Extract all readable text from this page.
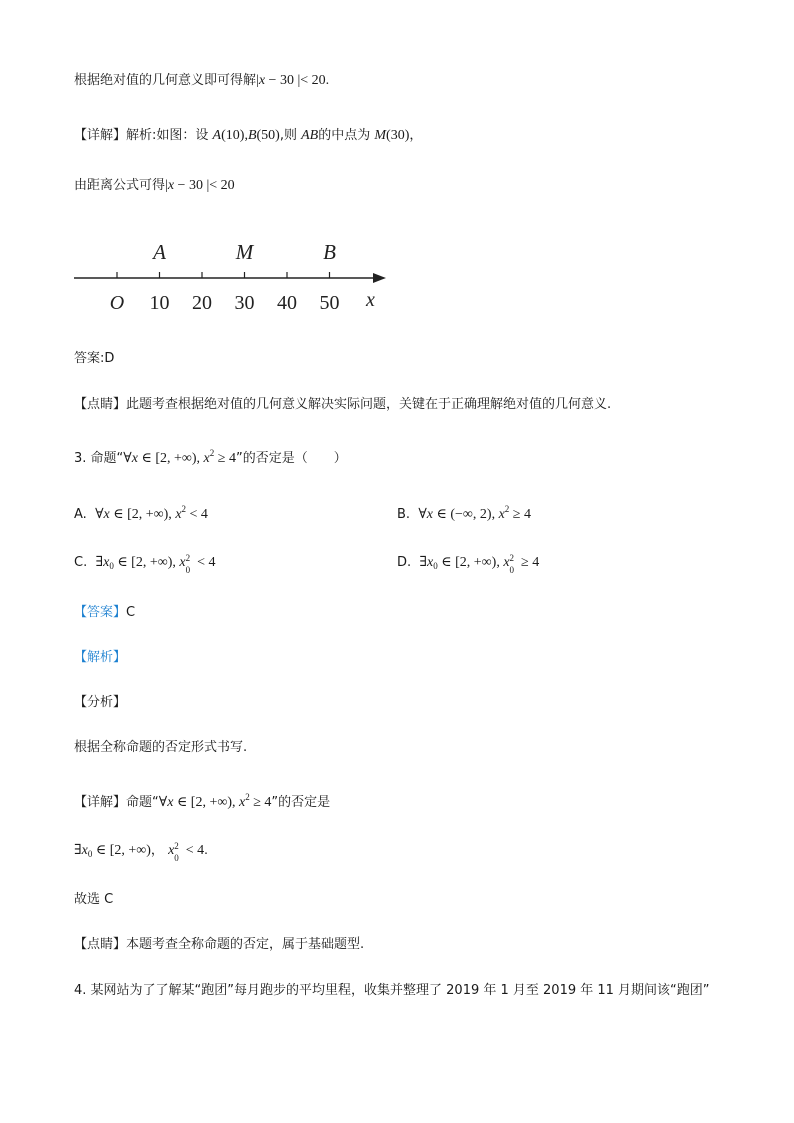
根据绝对值的几何意义即可得解|x − 30 |< 20.
【详解】解析:如图：设 A(10),B(50),则 AB的中点为 M(30)，
由距离公式可得|x − 30 |< 20
O 10 20 30 40 50
A	M	B
x
答案:D
【点睛】此题考查根据绝对值的几何意义解决实际问题，关键在于正确理解绝对值的几何意义.
3. 命题“∀x ∈ [2, +∞), $x^2 \ge 4$”的否定是（　　）
A. ∀x ∈ [2, +∞), $x^2 < 4$	B. ∀x ∈ (−∞, 2), $x^2 \ge 4$
C. $\exists x_0$ ∈ [2, +∞), x 2
0 < 4	D. $\exists x_0$ ∈ [2, +∞), x 2
0 ≥ 4
【答案】C
【解析】
【分析】
根据全称命题的否定形式书写.
【详解】命题“∀x ∈ [2, +∞), $x^2 \ge 4$”的否定是
$\exists x_0$ ∈ [2, +∞)， x 2
0 < 4.
故选 C
【点睛】本题考查全称命题的否定，属于基础题型.
4. 某网站为了了解某“跑团”每月跑步的平均里程，收集并整理了 2019 年 1 月至 2019 年 11 月期间该“跑团”
